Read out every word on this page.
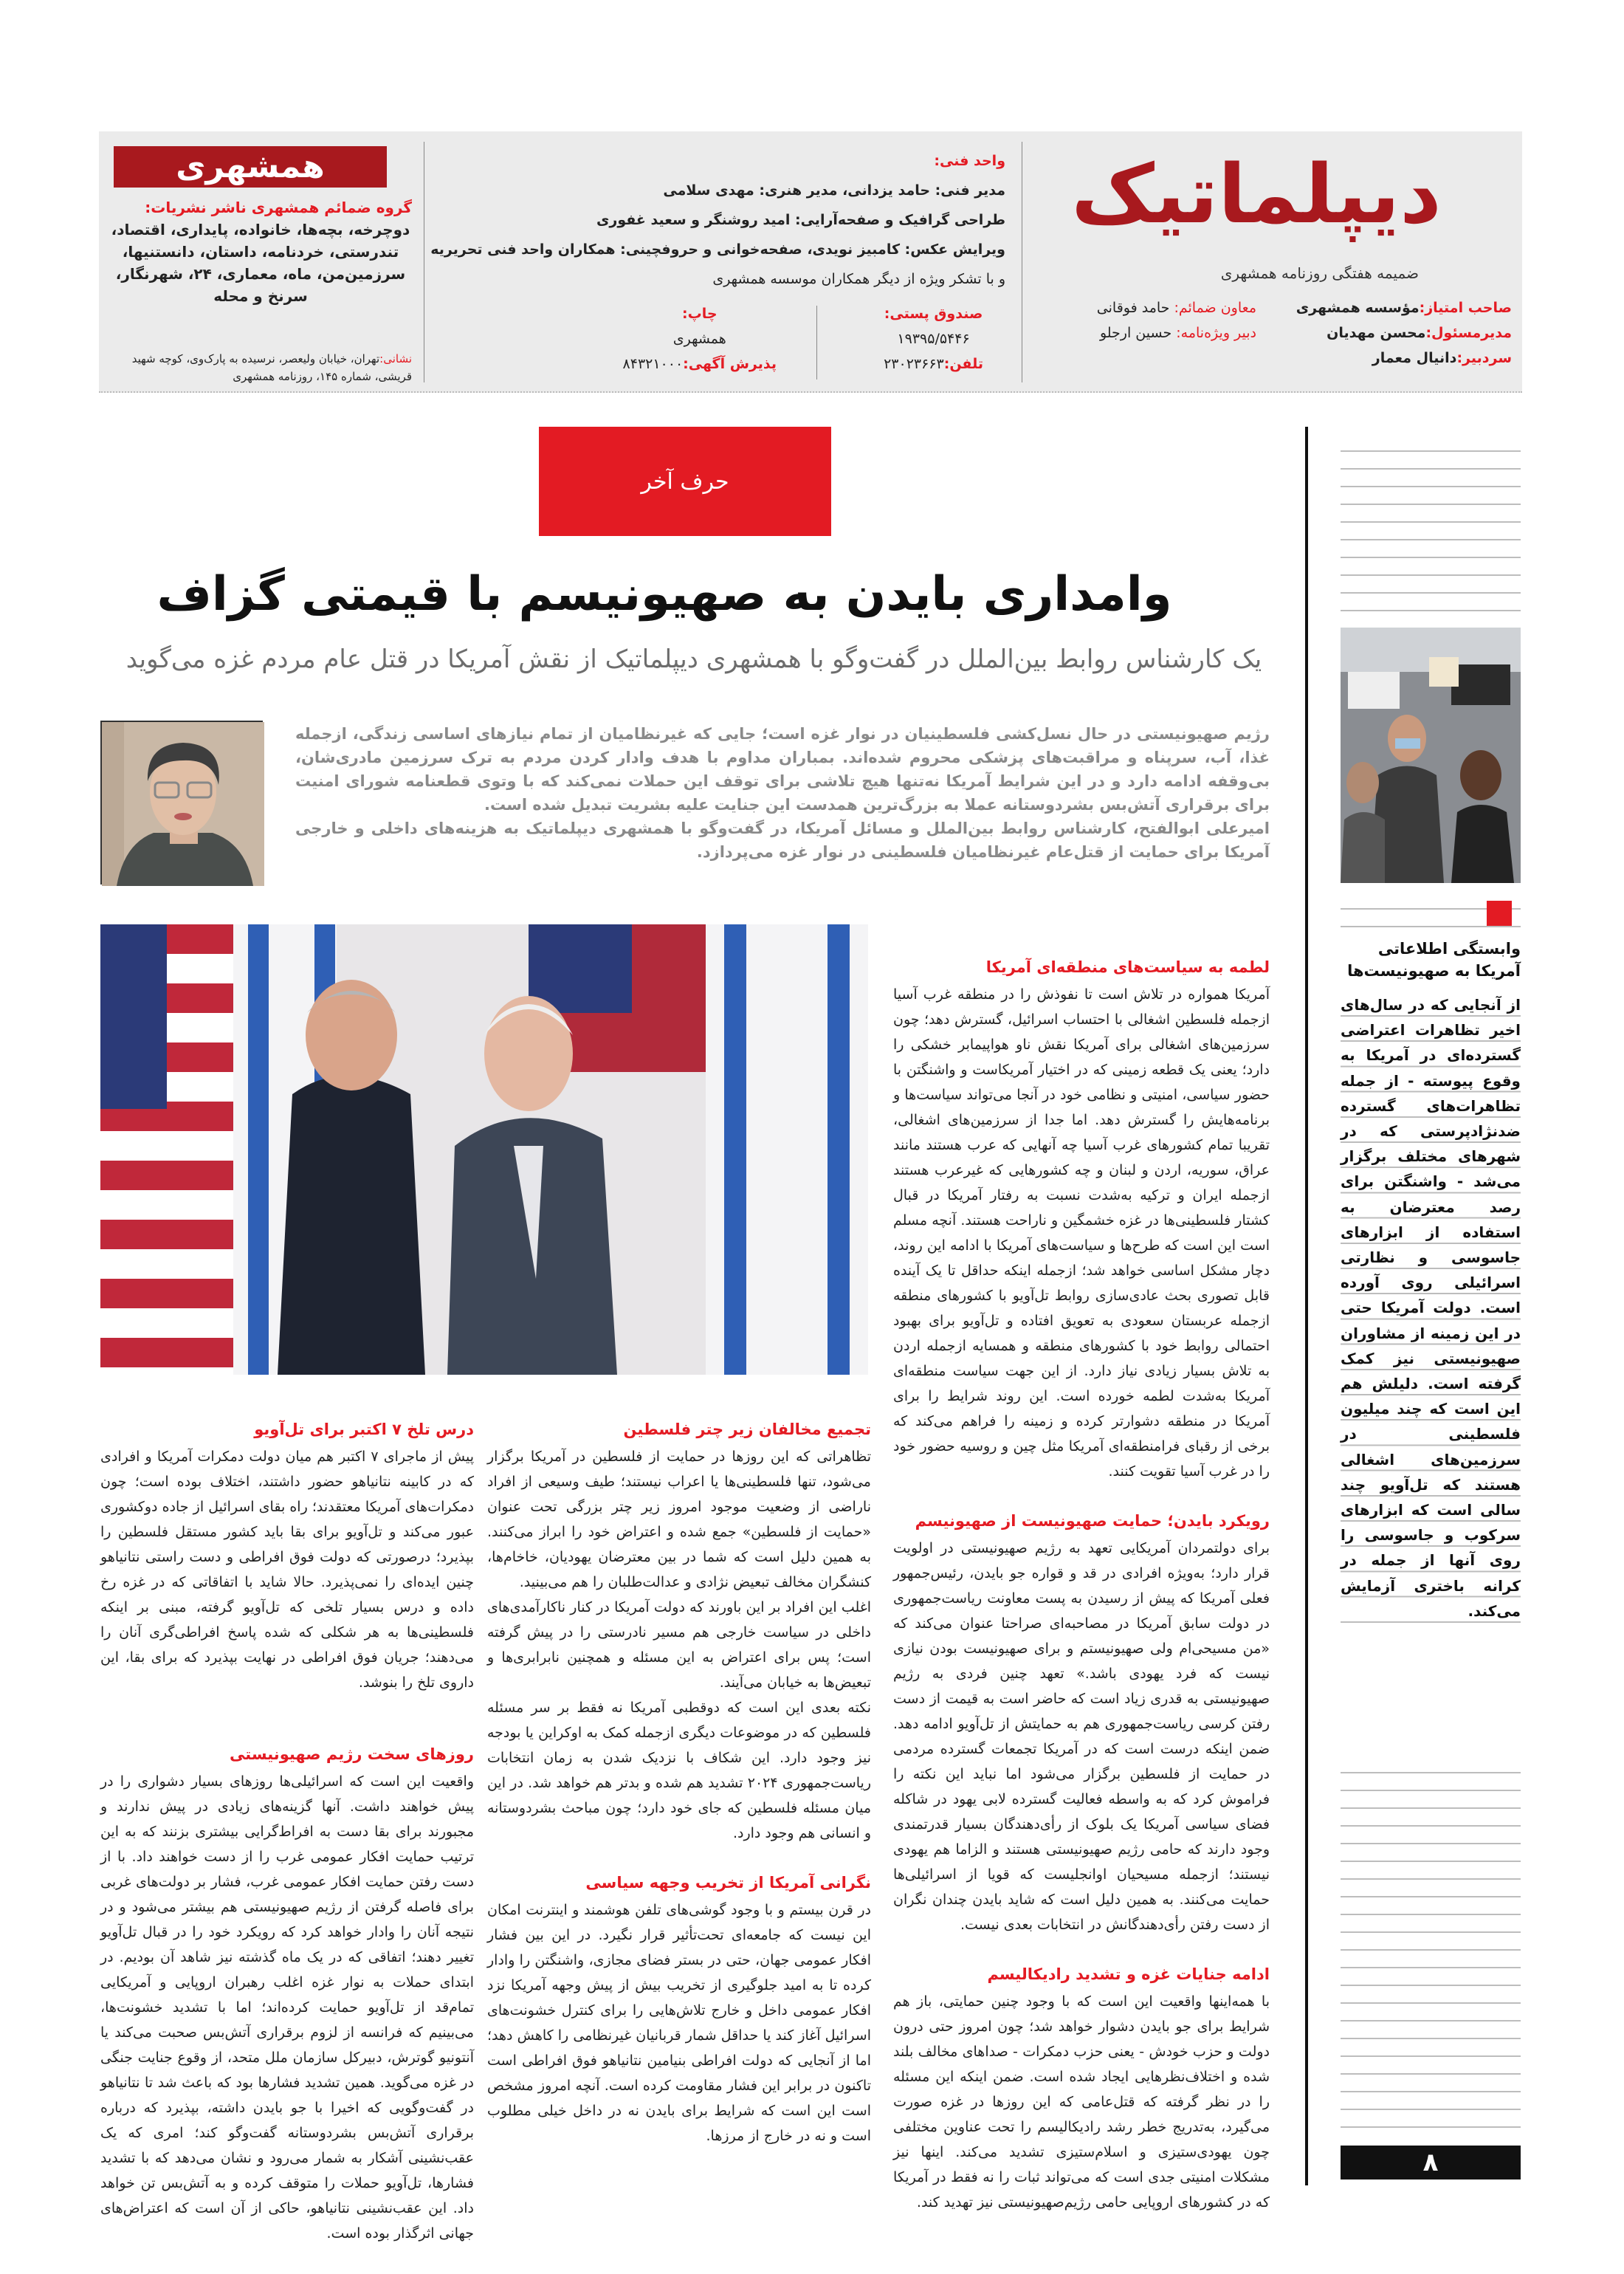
دیپلماتیک
ضمیمه هفتگی روزنامه همشهری
صاحب امتیاز:مؤسسه همشهری
مدیرمسئول:محسن مهدیان
سردبیر:دانیال معمار
معاون ضمائم: حامد فوقانی
دبیر ویژه‌نامه: حسین ارجلو
واحد فنی:
مدیر فنی: حامد یزدانی، مدیر هنری: مهدی سلامی
طراحی گرافیک و صفحه‌آرایی: امید روشنگر و سعید غفوری
ویرایش عکس: کامبیز نویدی، صفحه‌خوانی و حروفچینی: همکاران واحد فنی تحریریه
و با تشکر ویژه از دیگر همکاران موسسه همشهری
صندوق پستی:
۱۹۳۹۵/۵۴۴۶
تلفن:۲۳۰۲۳۶۶۳
چاپ:
همشهری
پذیرش آگهی:۸۴۳۲۱۰۰۰
همشهری
گروه ضمائم همشهری ناشر نشریات:
دوچرخه، بچه‌ها، خانواده، پایداری، اقتصاد، تندرستی، خردنامه، داستان، دانستنیها، سرزمین‌من، ماه، معماری، ۲۴، شهرنگار، سرنخ و محله
نشانی:تهران، خیابان ولیعصر، نرسیده به پارک‌وی، کوچه شهید قریشی، شماره ۱۴۵، روزنامه همشهری
حرف آخر
وامداری بایدن به صهیونیسم با قیمتی گزاف
یک کارشناس روابط بین‌الملل در گفت‌وگو با همشهری دیپلماتیک از نقش آمریکا در قتل عام مردم غزه می‌گوید

رژیم صهیونیستی در حال نسل‌کشی فلسطینیان در نوار غزه است؛ جایی که غیرنظامیان از تمام نیازهای اساسی زندگی، ازجمله غذا، آب، سرپناه و مراقبت‌های پزشکی محروم شده‌اند. بمباران مداوم با هدف وادار کردن مردم به ترک سرزمین مادری‌شان، بی‌وقفه ادامه دارد و در این شرایط آمریکا نه‌تنها هیچ تلاشی برای توقف این حملات نمی‌کند که با وتوی قطعنامه شورای امنیت برای برقراری آتش‌بس بشردوستانه عملا به بزرگ‌ترین همدست این جنایت علیه بشریت تبدیل شده است.

امیرعلی ابوالفتح، کارشناس روابط بین‌الملل و مسائل آمریکا، در گفت‌وگو با همشهری دیپلماتیک به هزینه‌های داخلی و خارجی آمریکا برای حمایت از قتل‌عام غیرنظامیان فلسطینی در نوار غزه می‌پردازد.

لطمه به سیاست‌های منطقه‌ای آمریکا

آمریکا همواره در تلاش است تا نفوذش را در منطقه غرب آسیا ازجمله فلسطین اشغالی با احتساب اسرائیل، گسترش دهد؛ چون سرزمین‌های اشغالی برای آمریکا نقش ناو هواپیمابر خشکی را دارد؛ یعنی یک قطعه زمینی که در اختیار آمریکاست و واشنگتن با حضور سیاسی، امنیتی و نظامی خود در آنجا می‌تواند سیاست‌ها و برنامه‌هایش را گسترش دهد. اما جدا از سرزمین‌های اشغالی، تقریبا تمام کشورهای غرب آسیا چه آنهایی که عرب هستند مانند عراق، سوریه، اردن و لبنان و چه کشورهایی که غیرعرب هستند ازجمله ایران و ترکیه به‌شدت نسبت به رفتار آمریکا در قبال کشتار فلسطینی‌ها در غزه خشمگین و ناراحت هستند. آنچه مسلم است این است که طرح‌ها و سیاست‌های آمریکا با ادامه این روند، دچار مشکل اساسی خواهد شد؛ ازجمله اینکه حداقل تا یک آینده قابل تصوری بحث عادی‌سازی روابط تل‌آویو با کشورهای منطقه ازجمله عربستان سعودی به تعویق افتاده و تل‌آویو برای بهبود احتمالی روابط خود با کشورهای منطقه و همسایه ازجمله اردن به تلاش بسیار زیادی نیاز دارد. از این جهت سیاست منطقه‌ای آمریکا به‌شدت لطمه خورده است. این روند شرایط را برای آمریکا در منطقه دشوارتر کرده و زمینه را فراهم می‌کند که برخی از رقبای فرامنطقه‌ای آمریکا مثل چین و روسیه حضور خود را در غرب آسیا تقویت کنند.

رویکرد بایدن؛ حمایت صهیونیست از صهیونیسم

برای دولتمردان آمریکایی تعهد به رژیم صهیونیستی در اولویت قرار دارد؛ به‌ویژه افرادی در قد و قواره جو بایدن، رئیس‌جمهور فعلی آمریکا که پیش از رسیدن به پست معاونت ریاست‌جمهوری در دولت سابق آمریکا در مصاحبه‌ای صراحتا عنوان می‌کند که «من مسیحی‌ام ولی صهیونیستم و برای صهیونیست بودن نیازی نیست که فرد یهودی باشد.» تعهد چنین فردی به رژیم صهیونیستی به قدری زیاد است که حاضر است به قیمت از دست رفتن کرسی ریاست‌جمهوری هم به حمایتش از تل‌آویو ادامه دهد. ضمن اینکه درست است که در آمریکا تجمعات گسترده مردمی در حمایت از فلسطین برگزار می‌شود اما نباید این نکته را فراموش کرد که به واسطه فعالیت گسترده لابی یهود در شاکله فضای سیاسی آمریکا یک بلوک از رأی‌دهندگان بسیار قدرتمندی وجود دارند که حامی رژیم صهیونیستی هستند و الزاما هم یهودی نیستند؛ ازجمله مسیحیان اوانجلیست که قویا از اسرائیلی‌ها حمایت می‌کنند. به همین دلیل است که شاید بایدن چندان نگران از دست رفتن رأی‌دهندگانش در انتخابات بعدی نیست.

ادامه جنایات غزه و تشدید رادیکالیسم

با همه‌اینها واقعیت این است که با وجود چنین حمایتی، باز هم شرایط برای جو بایدن دشوار خواهد شد؛ چون امروز حتی درون دولت و حزب خودش - یعنی حزب دمکرات - صداهای مخالف بلند شده و اختلاف‌نظرهایی ایجاد شده است. ضمن اینکه این مسئله را در نظر گرفته که قتل‌عامی که این روزها در غزه صورت می‌گیرد، به‌تدریج خطر رشد رادیکالیسم را تحت عناوین مختلفی چون یهودی‌ستیزی و اسلام‌ستیزی تشدید می‌کند. اینها نیز مشکلات امنیتی جدی است که می‌تواند ثبات را نه فقط در آمریکا که در کشورهای اروپایی حامی رژیم‌صهیونیستی نیز تهدید کند.

تجمیع مخالفان زیر چتر فلسطین

تظاهراتی که این روزها در حمایت از فلسطین در آمریکا برگزار می‌شود، تنها فلسطینی‌ها یا اعراب نیستند؛ طیف وسیعی از افراد ناراضی از وضعیت موجود امروز زیر چتر بزرگی تحت عنوان «حمایت از فلسطین» جمع شده و اعتراض خود را ابراز می‌کنند. به همین دلیل است که شما در بین معترضان یهودیان، خاخام‌ها، کنشگران مخالف تبعیض نژادی و عدالت‌طلبان را هم می‌بینید.

اغلب این افراد بر این باورند که دولت آمریکا در کنار ناکارآمدی‌های داخلی در سیاست خارجی هم مسیر نادرستی را در پیش گرفته است؛ پس برای اعتراض به این مسئله و همچنین نابرابری‌ها و تبعیض‌ها به خیابان می‌آیند.

نکته بعدی این است که دوقطبی آمریکا نه فقط بر سر مسئله فلسطین که در موضوعات دیگری ازجمله کمک به اوکراین یا بودجه نیز وجود دارد. این شکاف با نزدیک شدن به زمان انتخابات ریاست‌جمهوری ۲۰۲۴ تشدید هم شده و بدتر هم خواهد شد. در این میان مسئله فلسطین که جای خود دارد؛ چون مباحث بشردوستانه و انسانی هم وجود دارد.

نگرانی آمریکا از تخریب وجهه سیاسی

در قرن بیستم و با وجود گوشی‌های تلفن هوشمند و اینترنت امکان این نیست که جامعه‌ای تحت‌تأثیر قرار نگیرد. در این بین فشار افکار عمومی جهان، حتی در بستر فضای مجازی، واشنگتن را وادار کرده تا به امید جلوگیری از تخریب بیش از پیش وجهه آمریکا نزد افکار عمومی داخل و خارج تلاش‌هایی را برای کنترل خشونت‌های اسرائیل آغاز کند یا حداقل شمار قربانیان غیرنظامی را کاهش دهد؛ اما از آنجایی که دولت افراطی بنیامین نتانیاهو فوق افراطی است تاکنون در برابر این فشار مقاومت کرده است. آنچه امروز مشخص است این است که شرایط برای بایدن نه در داخل خیلی مطلوب است و نه در خارج از مرزها.

درس تلخ ۷ اکتبر برای تل‌آویو

پیش از ماجرای ۷ اکتبر هم میان دولت دمکرات آمریکا و افرادی که در کابینه نتانیاهو حضور داشتند، اختلاف بوده است؛ چون دمکرات‌های آمریکا معتقدند؛ راه بقای اسرائیل از جاده دوکشوری عبور می‌کند و تل‌آویو برای بقا باید کشور مستقل فلسطین را بپذیرد؛ درصورتی که دولت فوق افراطی و دست راستی نتانیاهو چنین ایده‌ای را نمی‌پذیرد. حالا شاید با اتفاقاتی که در غزه رخ داده و درس بسیار تلخی که تل‌آویو گرفته، مبنی بر اینکه فلسطینی‌ها به هر شکلی که شده پاسخ افراطی‌گری آنان را می‌دهند؛ جریان فوق افراطی در نهایت بپذیرد که برای بقا، این داروی تلخ را بنوشد.

روزهای سخت رژیم صهیونیستی

واقعیت این است که اسرائیلی‌ها روزهای بسیار دشواری را در پیش خواهند داشت. آنها گزینه‌های زیادی در پیش ندارند و مجبورند برای بقا دست به افراط‌گرایی بیشتری بزنند که به این ترتیب حمایت افکار عمومی غرب را از دست خواهند داد. با از دست رفتن حمایت افکار عمومی غرب، فشار بر دولت‌های غربی برای فاصله گرفتن از رژیم صهیونیستی هم بیشتر می‌شود و در نتیجه آنان را وادار خواهد کرد که رویکرد خود را در قبال تل‌آویو تغییر دهند؛ اتفاقی که در یک ماه گذشته نیز شاهد آن بودیم. در ابتدای حملات به نوار غزه اغلب رهبران اروپایی و آمریکایی تمام‌قد از تل‌آویو حمایت کرده‌اند؛ اما با تشدید خشونت‌ها، می‌بینیم که فرانسه از لزوم برقراری آتش‌بس صحبت می‌کند یا آنتونیو گوترش، دبیرکل سازمان ملل متحد، از وقوع جنایت جنگی در غزه می‌گوید. همین تشدید فشارها بود که باعث شد تا نتانیاهو در گفت‌وگویی که اخیرا با جو بایدن داشته، بپذیرد که درباره برقراری آتش‌بس بشردوستانه گفت‌وگو کند؛ امری که یک عقب‌نشینی آشکار به شمار می‌رود و نشان می‌دهد که با تشدید فشارها، تل‌آویو حملات را متوقف کرده و به آتش‌بس تن خواهد داد. این عقب‌نشینی نتانیاهو، حاکی از آن است که اعتراض‌های جهانی اثرگذار بوده است.

وابستگی اطلاعاتی
آمریکا به صهیونیست‌ها
از آنجایی که در سال‌های اخیر تظاهرات اعتراضی گسترده‌ای در آمریکا به وقوع پیوسته - از جمله تظاهرات‌های گسترده ضدنژادپرستی که در شهرهای مختلف برگزار می‌شد - واشنگتن برای رصد معترضان به استفاده از ابزارهای جاسوسی و نظارتی اسرائیلی روی آورده است. دولت آمریکا حتی در این زمینه از مشاوران صهیونیستی نیز کمک گرفته است. دلیلش هم این است که چند میلیون فلسطینی در سرزمین‌های اشغالی هستند که تل‌آویو چند سالی است که ابزارهای سرکوب و جاسوسی را روی آنها از جمله در کرانه باختری آزمایش می‌کند.
۸
